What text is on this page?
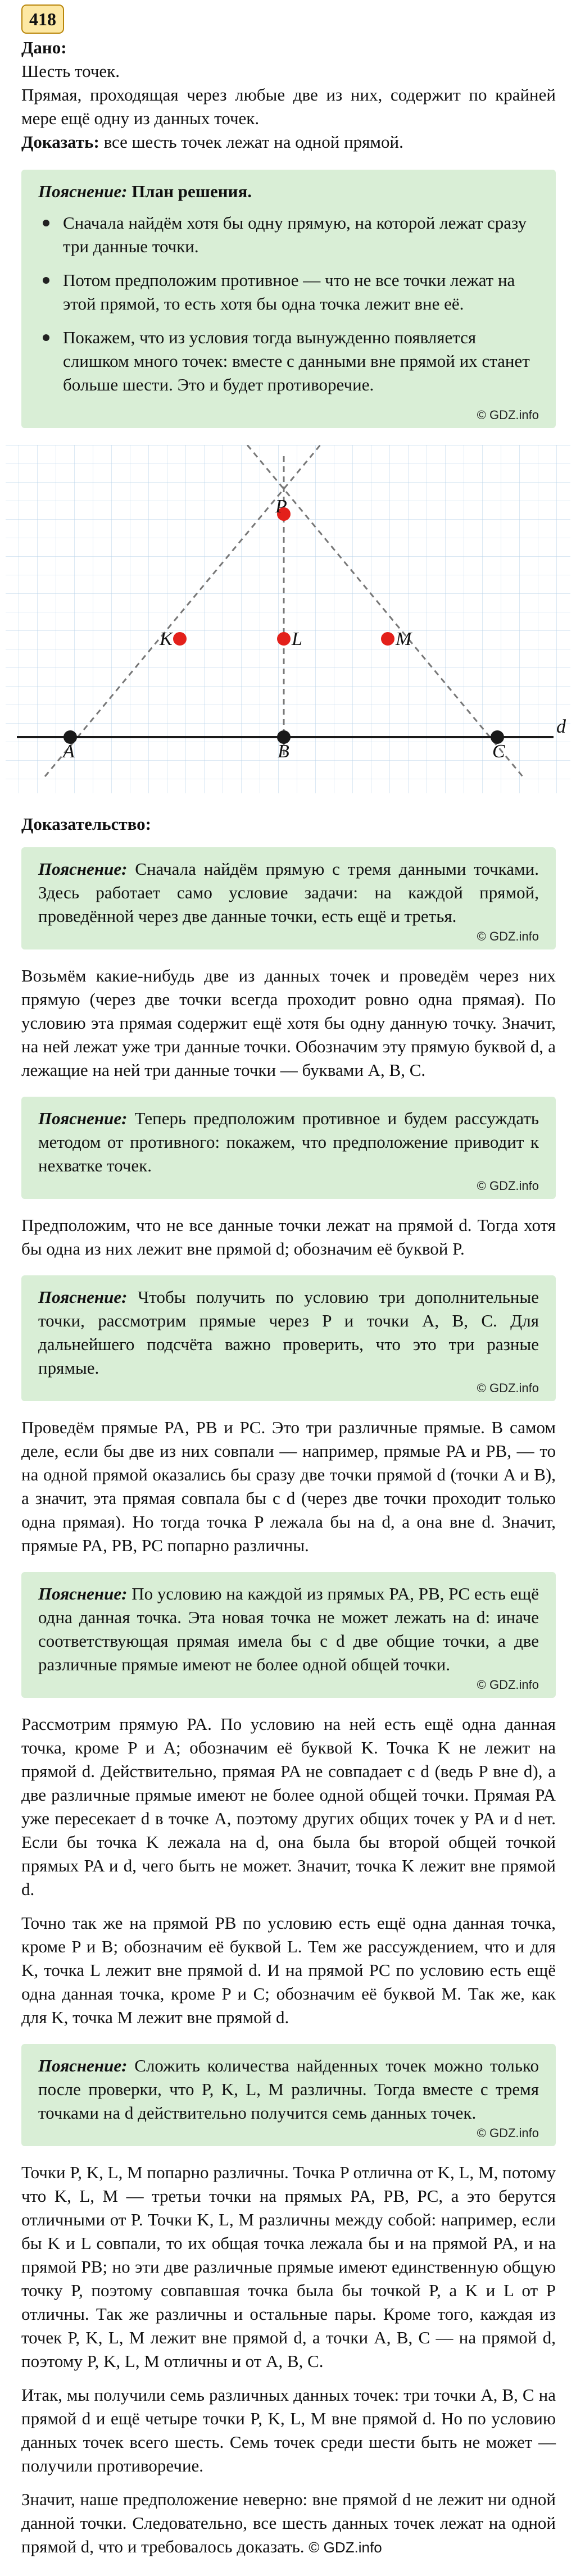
418
Дано:
Шесть точек.
Прямая, проходящая через любые две из них, содержит по крайней мере ещё одну из данных точек.
Доказать: все шесть точек лежат на одной прямой.
Пояснение: План решения.
Сначала найдём хотя бы одну прямую, на которой лежат сразу три данные точки.
Потом предположим противное — что не все точки лежат на этой прямой, то есть хотя бы одна точка лежит вне её.
Покажем, что из условия тогда вынужденно появляется слишком много точек: вместе с данными вне прямой их станет больше шести. Это и будет противоречие.
© GDZ.info
P
K	L	M
A	B	C
d
Доказательство:
Пояснение: Сначала найдём прямую с тремя данными точками. Здесь работает само условие задачи: на каждой прямой, проведённой через две данные точки, есть ещё и третья.
© GDZ.info
Возьмём какие-нибудь две из данных точек и проведём через них прямую (через две точки всегда проходит ровно одна прямая). По условию эта прямая содержит ещё хотя бы одну данную точку. Значит, на ней лежат уже три данные точки. Обозначим эту прямую буквой d, а лежащие на ней три данные точки — буквами A, B, C.
Пояснение: Теперь предположим противное и будем рассуждать методом от противного: покажем, что предположение приводит к нехватке точек.
© GDZ.info
Предположим, что не все данные точки лежат на прямой d. Тогда хотя бы одна из них лежит вне прямой d; обозначим её буквой P.
Пояснение: Чтобы получить по условию три дополнительные точки, рассмотрим прямые через P и точки A, B, C. Для дальнейшего подсчёта важно проверить, что это три разные прямые.
© GDZ.info
Проведём прямые PA, PB и PC. Это три различные прямые. В самом деле, если бы две из них совпали — например, прямые PA и PB, — то на одной прямой оказались бы сразу две точки прямой d (точки A и B), а значит, эта прямая совпала бы с d (через две точки проходит только одна прямая). Но тогда точка P лежала бы на d, а она вне d. Значит, прямые PA, PB, PC попарно различны.
Пояснение: По условию на каждой из прямых PA, PB, PC есть ещё одна данная точка. Эта новая точка не может лежать на d: иначе соответствующая прямая имела бы с d две общие точки, а две различные прямые имеют не более одной общей точки.
© GDZ.info
Рассмотрим прямую PA. По условию на ней есть ещё одна данная точка, кроме P и A; обозначим её буквой K. Точка K не лежит на прямой d. Действительно, прямая PA не совпадает с d (ведь P вне d), а две различные прямые имеют не более одной общей точки. Прямая PA уже пересекает d в точке A, поэтому других общих точек у PA и d нет. Если бы точка K лежала на d, она была бы второй общей точкой прямых PA и d, чего быть не может. Значит, точка K лежит вне прямой d.
Точно так же на прямой PB по условию есть ещё одна данная точка, кроме P и B; обозначим её буквой L. Тем же рассуждением, что и для K, точка L лежит вне прямой d. И на прямой PC по условию есть ещё одна данная точка, кроме P и C; обозначим её буквой M. Так же, как для K, точка M лежит вне прямой d.
Пояснение: Сложить количества найденных точек можно только после проверки, что P, K, L, M различны. Тогда вместе с тремя точками на d действительно получится семь данных точек.
© GDZ.info
Точки P, K, L, M попарно различны. Точка P отлична от K, L, M, потому что K, L, M — третьи точки на прямых PA, PB, PC, а это берутся отличными от P. Точки K, L, M различны между собой: например, если бы K и L совпали, то их общая точка лежала бы и на прямой PA, и на прямой PB; но эти две различные прямые имеют единственную общую точку P, поэтому совпавшая точка была бы точкой P, а K и L от P отличны. Так же различны и остальные пары. Кроме того, каждая из точек P, K, L, M лежит вне прямой d, а точки A, B, C — на прямой d, поэтому P, K, L, M отличны и от A, B, C.
Итак, мы получили семь различных данных точек: три точки A, B, C на прямой d и ещё четыре точки P, K, L, M вне прямой d. Но по условию данных точек всего шесть. Семь точек среди шести быть не может — получили противоречие.
Значит, наше предположение неверно: вне прямой d не лежит ни одной данной точки. Следовательно, все шесть данных точек лежат на одной прямой d, что и требовалось доказать. © GDZ.info
